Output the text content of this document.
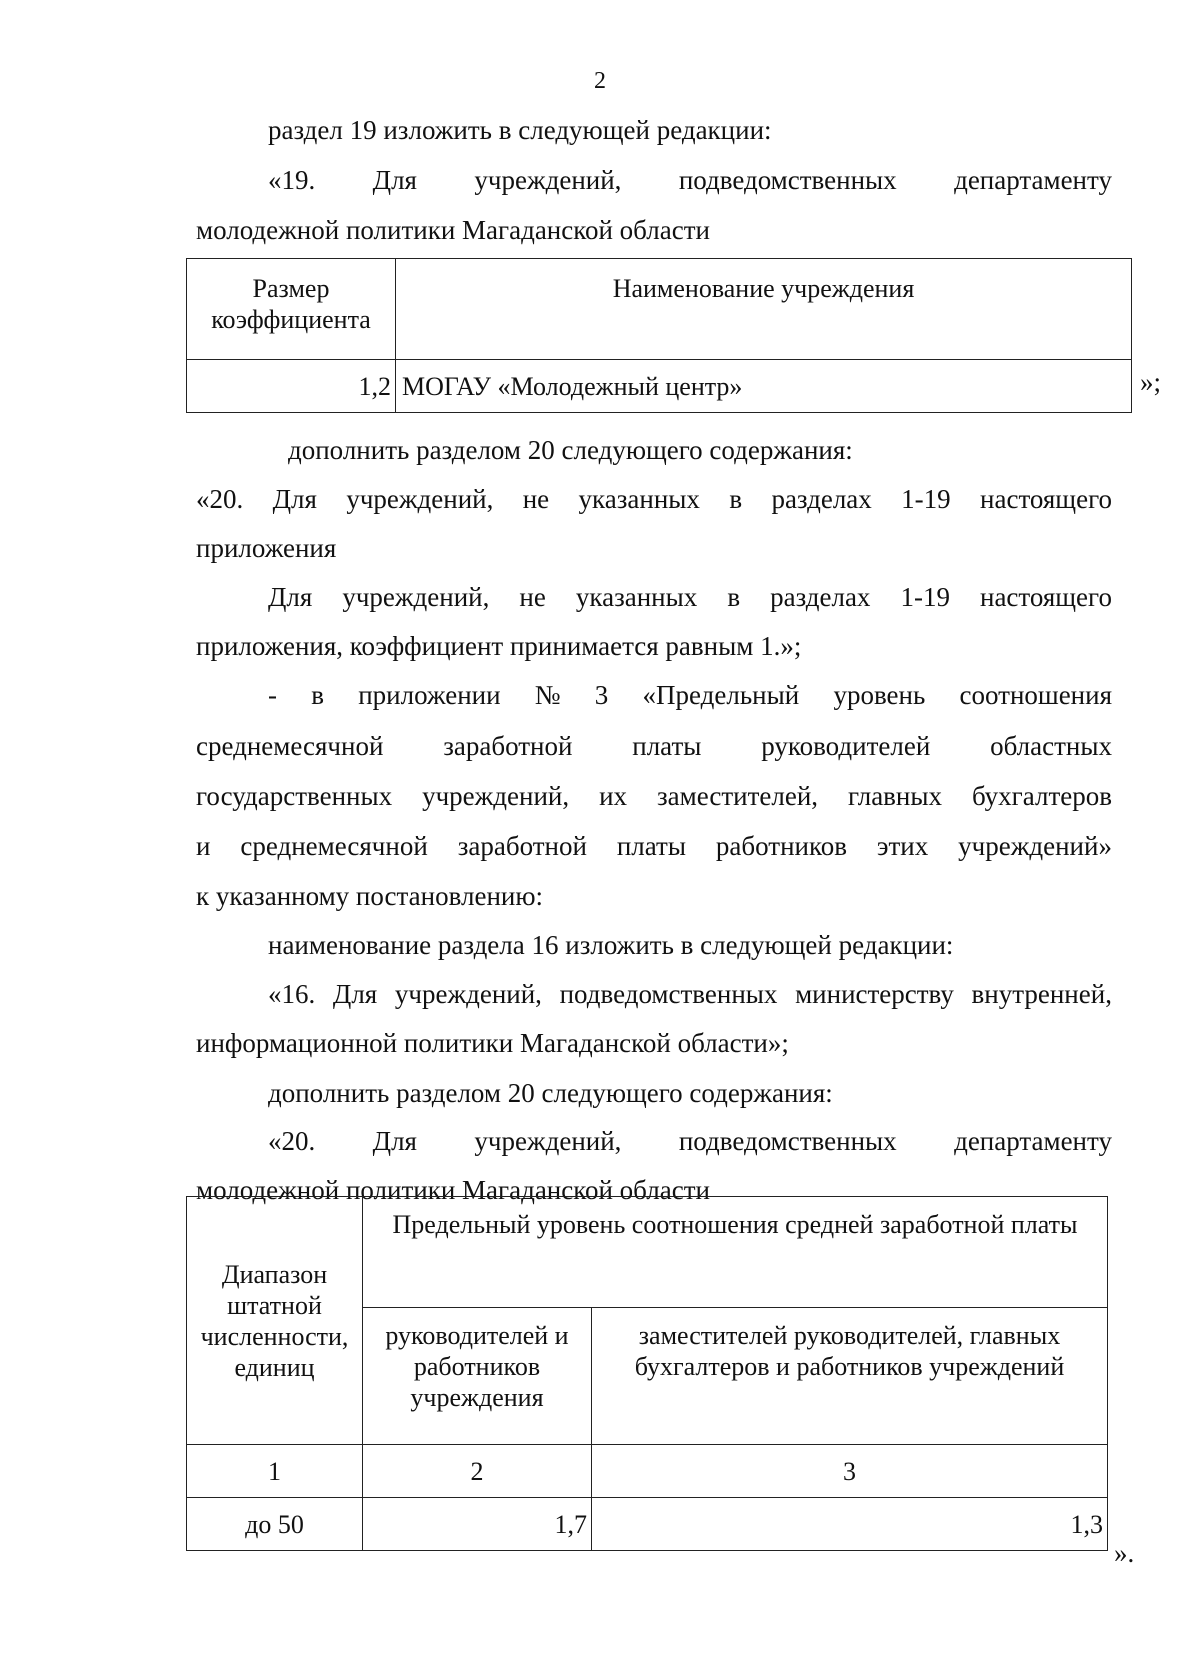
2
раздел 19 изложить в следующей редакции:
«19. Для учреждений, подведомственных департаменту
молодежной политики Магаданской области
Размер коэффициента	Наименование учреждения
1,2	МОГАУ «Молодежный центр»	»;
дополнить разделом 20 следующего содержания:
«20. Для учреждений, не указанных в разделах 1-19 настоящего
приложения
Для учреждений, не указанных в разделах 1-19 настоящего
приложения, коэффициент принимается равным 1.»;
- в приложении № 3 «Предельный уровень соотношения
среднемесячной заработной платы руководителей областных
государственных учреждений, их заместителей, главных бухгалтеров
и среднемесячной заработной платы работников этих учреждений»
к указанному постановлению:
наименование раздела 16 изложить в следующей редакции:
«16. Для учреждений, подведомственных министерству внутренней,
информационной политики Магаданской области»;
дополнить разделом 20 следующего содержания:
«20. Для учреждений, подведомственных департаменту
молодежной политики Магаданской области
Диапазон штатной численности, единиц	Предельный уровень соотношения средней заработной платы	
	руководителей и работников учреждения	заместителей руководителей, главных бухгалтеров и работников учреждений
1	2	3
до 50	1,7	1,3
».
